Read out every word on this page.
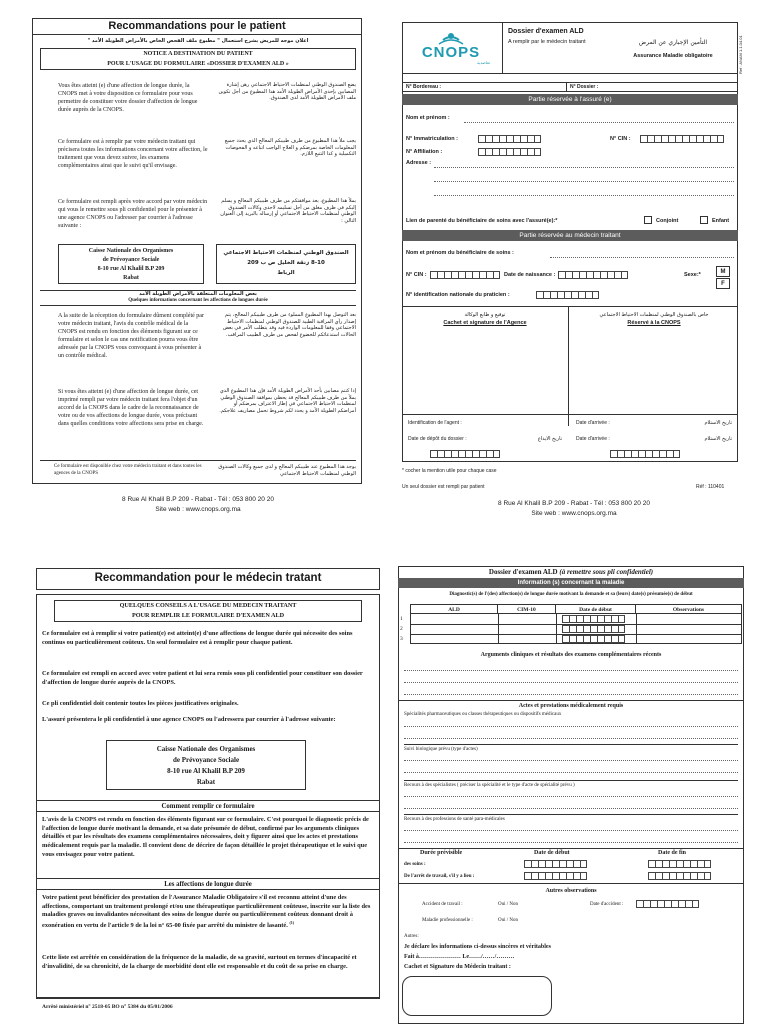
Recommandations pour le patient
اعلان موجه للمريض يشرح استعمال " مطبوع ملف الفحص الخاص بالأمراض الطويلة الأمد "
NOTICE A DESTINATION DU PATIENT
POUR L'USAGE DU FORMULAIRE «DOSSIER D'EXAMEN ALD »
Vous êtes atteint (e) d'une affection de longue durée, la CNOPS met à votre disposition ce formulaire pour vous permettre de constituer votre dossier d'affection de longue durée auprès de la CNOPS.
يضع الصندوق الوطني لمنظمات الاحتياط الاجتماعي رهن إشارة المصابين بإحدى الأمراض الطويلة الأمد هذا المطبوع من أجل تكوين ملف الأمراض الطويلة الأمد لدى الصندوق.
Ce formulaire est à remplir par votre médecin traitant qui précisera toutes les informations concernant votre affection, le traitement que vous devez suivre, les examens complémentaires ainsi que le suivi qu'il envisage.
يجب ملأ هذا المطبوع من طرف طبيبكم المعالج الذي يحدد جميع المعلومات الخاصة بمرضكم و العلاج الواجب اتباعه و الفحوصات التكميلية و كذا التتبع اللازم.
Ce formulaire est rempli après votre accord par votre médecin qui vous le remettre sous pli confidentiel pour le présenter à une agence CNOPS ou l'adresser par courrier à l'adresse suivante :
يملأ هذا المطبوع، بعد موافقتكم من طرف طبيبكم المعالج و يسلم إليكم في ظرف مغلق من أجل تسليمه لاحدى وكالات الصندوق الوطني لمنظمات الاحتياط الاجتماعي أو إرساله بالبريد إلى العنوان التالي :
Caisse Nationale des Organismes
de Prévoyance Sociale
8-10 rue Al Khalil B.P 209
Rabat
الصندوق الوطني لمنظمات الاحتياط الاجتماعي
8-10 زنقة الخليل ص ب 209
الرباط
بعض المعلومات المتعلقة بالأمراض الطويلة الأمد
Quelques informations concernant les affections de longues durée
A la suite de la réception du formulaire dûment complété par votre médecin traitant, l'avis du contrôle médical de la CNOPS est rendu en fonction des éléments figurant sur ce formulaire et selon le cas une notification pourra vous être adressée par la CNOPS vous convoquant à vous présenter à un contrôle médical.
بعد التوصل بهذا المطبوع المملوء من طرف طبيبكم المعالج، يتم إصدار رأي المراقبة الطبية للصندوق الوطني لمنظمات الاحتياط الاجتماعي وفقا للمعلومات الواردة فيه وقد يتطلب الأمر في بعض الحالات استدعائكم للخضوع لفحص من طرف الطبيب المراقب.
Si vous êtes atteint (e) d'une affection de longue durée, cet imprimé rempli par votre médecin traitant fera l'objet d'un accord de la CNOPS dans le cadre de la reconnaissance de votre ou de vos affections de longue durée, vous précisant dans quelles conditions votre affections sera prise en charge.
إذا كنتم مصابين بأحد الأمراض الطويلة الأمد فإن هذا المطبوع الذي يملأ من طرف طبيبكم المعالج قد يحظى بموافقة الصندوق الوطني لمنظمات الاحتياط الاجتماعي في إطار الاعتراف بمرضكم أو أمراضكم الطويلة الأمد و يحدد لكم شروط تحمل مصاريف علاجكم.
Ce formulaire est disponible chez votre médecin traitant et dans toutes les agences de la CNOPS
يوجد هذا المطبوع عند طبيبكم المعالج و لدى جميع وكالات الصندوق الوطني لمنظمات الاحتياط الاجتماعي
8 Rue Al Khalil B.P 209 - Rabat - Tél : 053 800 20 20
Site web : www.cnops.org.ma
CNOPS
تعاضدية
Dossier d'examen ALD
A remplir par le médecin traitant	التأمين الإجباري عن المرض
Assurance Maladie obligatoire	Ref : ANAM 1.1.04.01
N° Bordereau :	N° Dossier :
Partie réservée à l'assuré (e)
Nom et prénom :
N° Immatriculation :	N° CIN :
N° Affiliation :
Adresse :
Lien de parenté du bénéficiaire de soins avec l'assuré(e):*	Conjoint	Enfant
Partie réservée au médecin traitant
Nom et prénom du bénéficiaire de soins :
N° CIN :	Date de naissance :	Sexe:*	M
F
N° identification nationale du praticien :
توقيع و طابع الوكالة
Cachet et signature de l'Agence
خاص بالصندوق الوطني لمنظمات الاحتياط الاجتماعي
Réservé à la CNOPS
Identification de l'agent :
Date de dépôt du dossier :	تاريخ الايداع
Date d'arrivée :	تاريخ الاستلام
Date d'arrivée :	تاريخ الاستلام
* cocher la mention utile pour chaque case
Un seul dossier est rempli par patient	Réf : 110401
8 Rue Al Khalil B.P 209 - Rabat - Tél : 053 800 20 20
Site web : www.cnops.org.ma
Recommandation pour le médecin tratant
QUELQUES CONSEILS A L'USAGE DU MEDECIN TRAITANT
POUR REMPLIR LE FORMULAIRE D'EXAMEN ALD
Ce formulaire est à remplir si votre patient(e) est atteint(e) d'une affections de longue durée qui nécessite des soins continus ou particulièrement coûteux. Un seul formulaire est à remplir pour chaque patient.
Ce formulaire est rempli en accord avec votre patient et lui sera remis sous pli confidentiel pour constituer son dossier d'affection de longue durée auprès de la CNOPS.
Ce pli confidentiel doit contenir toutes les pièces justificatives originales.
L'assuré présentera le pli confidentiel à une agence CNOPS ou l'adressera par courrier à l'adresse suivante:
Caisse Nationale des Organismes
de Prévoyance Sociale
8-10 rue Al Khalil B.P 209
Rabat
Comment remplir ce formulaire
L'avis de la CNOPS est rendu en fonction des éléments figurant sur ce formulaire. C'est pourquoi le diagnostic précis de l'affection de longue durée motivant la demande, et sa date présumée de début, confirmé par les arguments cliniques détaillés et par les résultats des examens complémentaires nécessaires, doit y figurer ainsi que les actes et prestations médicalement requis par la maladie. Il convient donc de décrire de façon détaillée le projet thérapeutique et le suivi que vous envisagez pour votre patient.
Les affections de longue durée
Votre patient peut bénéficier des prestation de l'Assurance Maladie Obligatoire s'il est reconnu atteint d'une des affections, comportant un traitement prolongé et/ou une thérapeutique particulièrement coûteuse, inscrite sur la liste des maladies graves ou invalidantes nécessitant des soins de longue durée ou particulièrement coûteux donnant droit à exonération en vertu de l'article 9 de la loi n° 65-00 fixée par arrêté du ministre de lasanté. $^{(1)}$
Cette liste est arrêtée en considération de la fréquence de la maladie, de sa gravité, surtout en termes d'incapacité et d'invalidité, de sa chronicité, de la charge de morbidité dont elle est responsable et du coût de sa prise en charge.
Arrêté ministériel n° 2518-05 BO n° 5384 du 05/01/2006
Dossier d'examen ALD (à remettre sous pli confidentiel)
Information (s) concernant la maladie
Diagnostic(s) de l'(des) affection(s) de longue durée motivant la demande et sa (leurs) date(s) présumée(s) de début
ALD	CIM-10	Date de début	Observations
1
2
3
Arguments cliniques et résultats des examens complémentaires récents
Actes et prestations médicalement requis
Spécialités pharmaceutiques ou classes thérapeutiques ou dispositifs médicaux
Suivi biologique prévu (type d'actes)
Recours à des spécialistes ( préciser la spécialité et le type d'acte de spécialité prévu )
Recours à des professions de santé para-médicales
Durée prévisible	Date de début	Date de fin
des soins :
De l'arrêt de travail, s'il y a lieu :
Autres observations
Accident de travail :	Oui / Non	Date d'accident :
Maladie professionnelle :	Oui / Non
Autres:
Je déclare les informations ci-dessus sincères et véritables
Fait à………………… Le……/……/………
Cachet et Signature du Médecin traitant :
